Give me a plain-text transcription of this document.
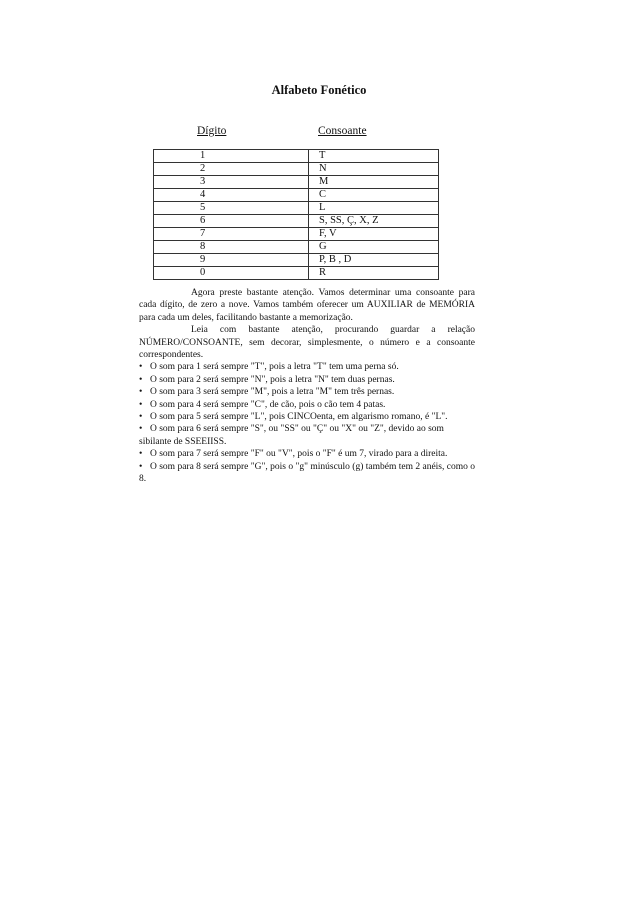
Alfabeto Fonético
Dígito	Consoante
1	T
2	N
3	M
4	C
5	L
6	S, SS, Ç, X, Z
7	F, V
8	G
9	P, B , D
0	R

Agora preste bastante atenção. Vamos determinar uma consoante para cada dígito, de zero a nove. Vamos também oferecer um AUXILIAR de MEMÓRIA para cada um deles, facilitando bastante a memorização.

Leia com bastante atenção, procurando guardar a relação NÚMERO/CONSOANTE, sem decorar, simplesmente, o número e a consoante correspondentes.

• O som para 1 será sempre "T", pois a letra "T" tem uma perna só.
• O som para 2 será sempre "N", pois a letra "N" tem duas pernas.
• O som para 3 será sempre "M", pois a letra "M" tem três pernas.
• O som para 4 será sempre "C", de cão, pois o cão tem 4 patas.
• O som para 5 será sempre "L", pois CINCOenta, em algarismo romano, é "L".
• O som para 6 será sempre "S", ou "SS" ou "Ç" ou "X" ou "Z", devido ao som sibilante de SSEEIISS.
• O som para 7 será sempre "F" ou "V", pois o "F" é um 7, virado para a direita.
• O som para 8 será sempre "G", pois o "g" minúsculo (g) também tem 2 anéis, como o 8.
